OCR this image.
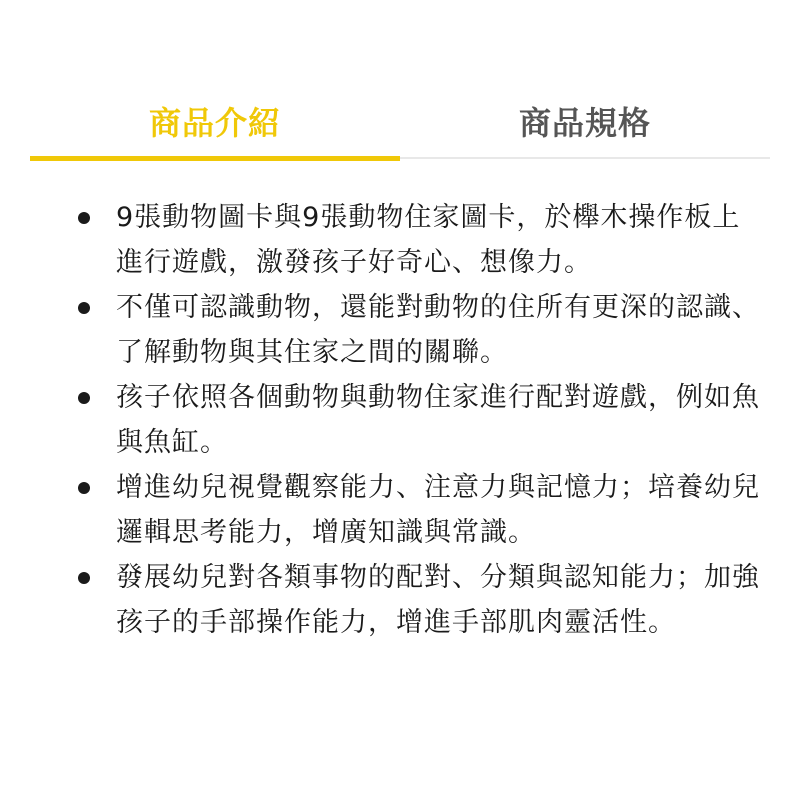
商品介紹	商品規格
9張動物圖卡與9張動物住家圖卡，於櫸木操作板上進行遊戲，激發孩子好奇心、想像力。
不僅可認識動物，還能對動物的住所有更深的認識、了解動物與其住家之間的關聯。
孩子依照各個動物與動物住家進行配對遊戲，例如魚與魚缸。
增進幼兒視覺觀察能力、注意力與記憶力；培養幼兒邏輯思考能力，增廣知識與常識。
發展幼兒對各類事物的配對、分類與認知能力；加強孩子的手部操作能力，增進手部肌肉靈活性。
